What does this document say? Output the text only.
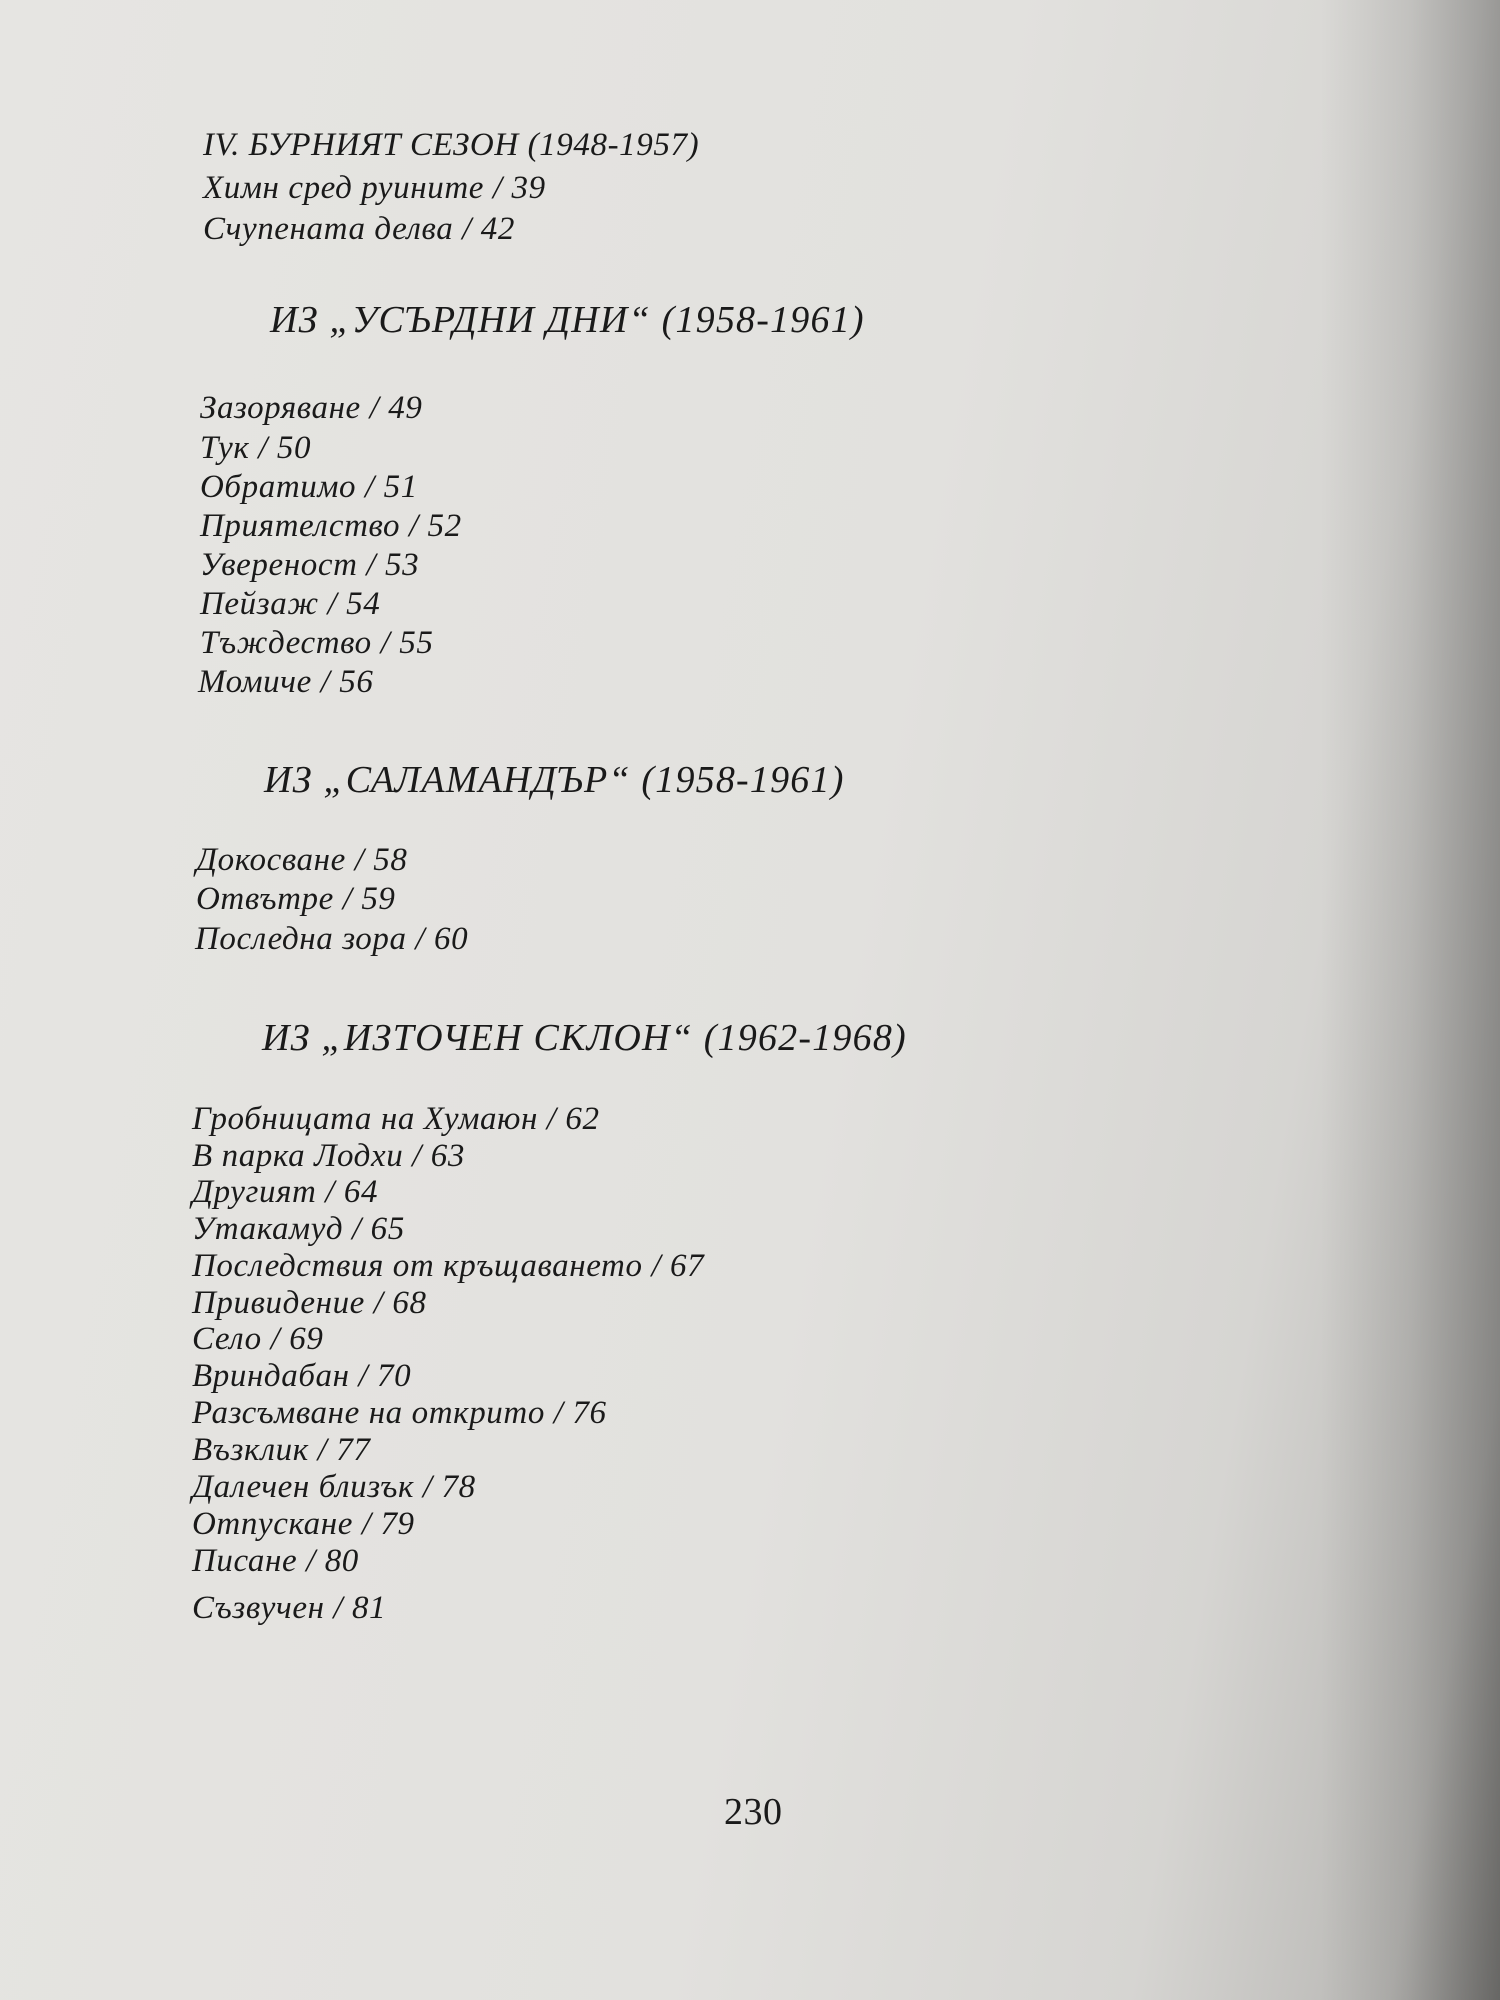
IV. БУРНИЯТ СЕЗОН (1948-1957)
Химн сред руините / 39
Счупената делва / 42
ИЗ „УСЪРДНИ ДНИ“ (1958-1961)
Зазоряване / 49
Тук / 50
Обратимо / 51
Приятелство / 52
Увереност / 53
Пейзаж / 54
Тъждество / 55
Момиче / 56
ИЗ „САЛАМАНДЪР“ (1958-1961)
Докосване / 58
Отвътре / 59
Последна зора / 60
ИЗ „ИЗТОЧЕН СКЛОН“ (1962-1968)
Гробницата на Хумаюн / 62
В парка Лодхи / 63
Другият / 64
Утакамуд / 65
Последствия от кръщаването / 67
Привидение / 68
Село / 69
Вриндабан / 70
Разсъмване на открито / 76
Възклик / 77
Далечен близък / 78
Отпускане / 79
Писане / 80
Съзвучен / 81
230
